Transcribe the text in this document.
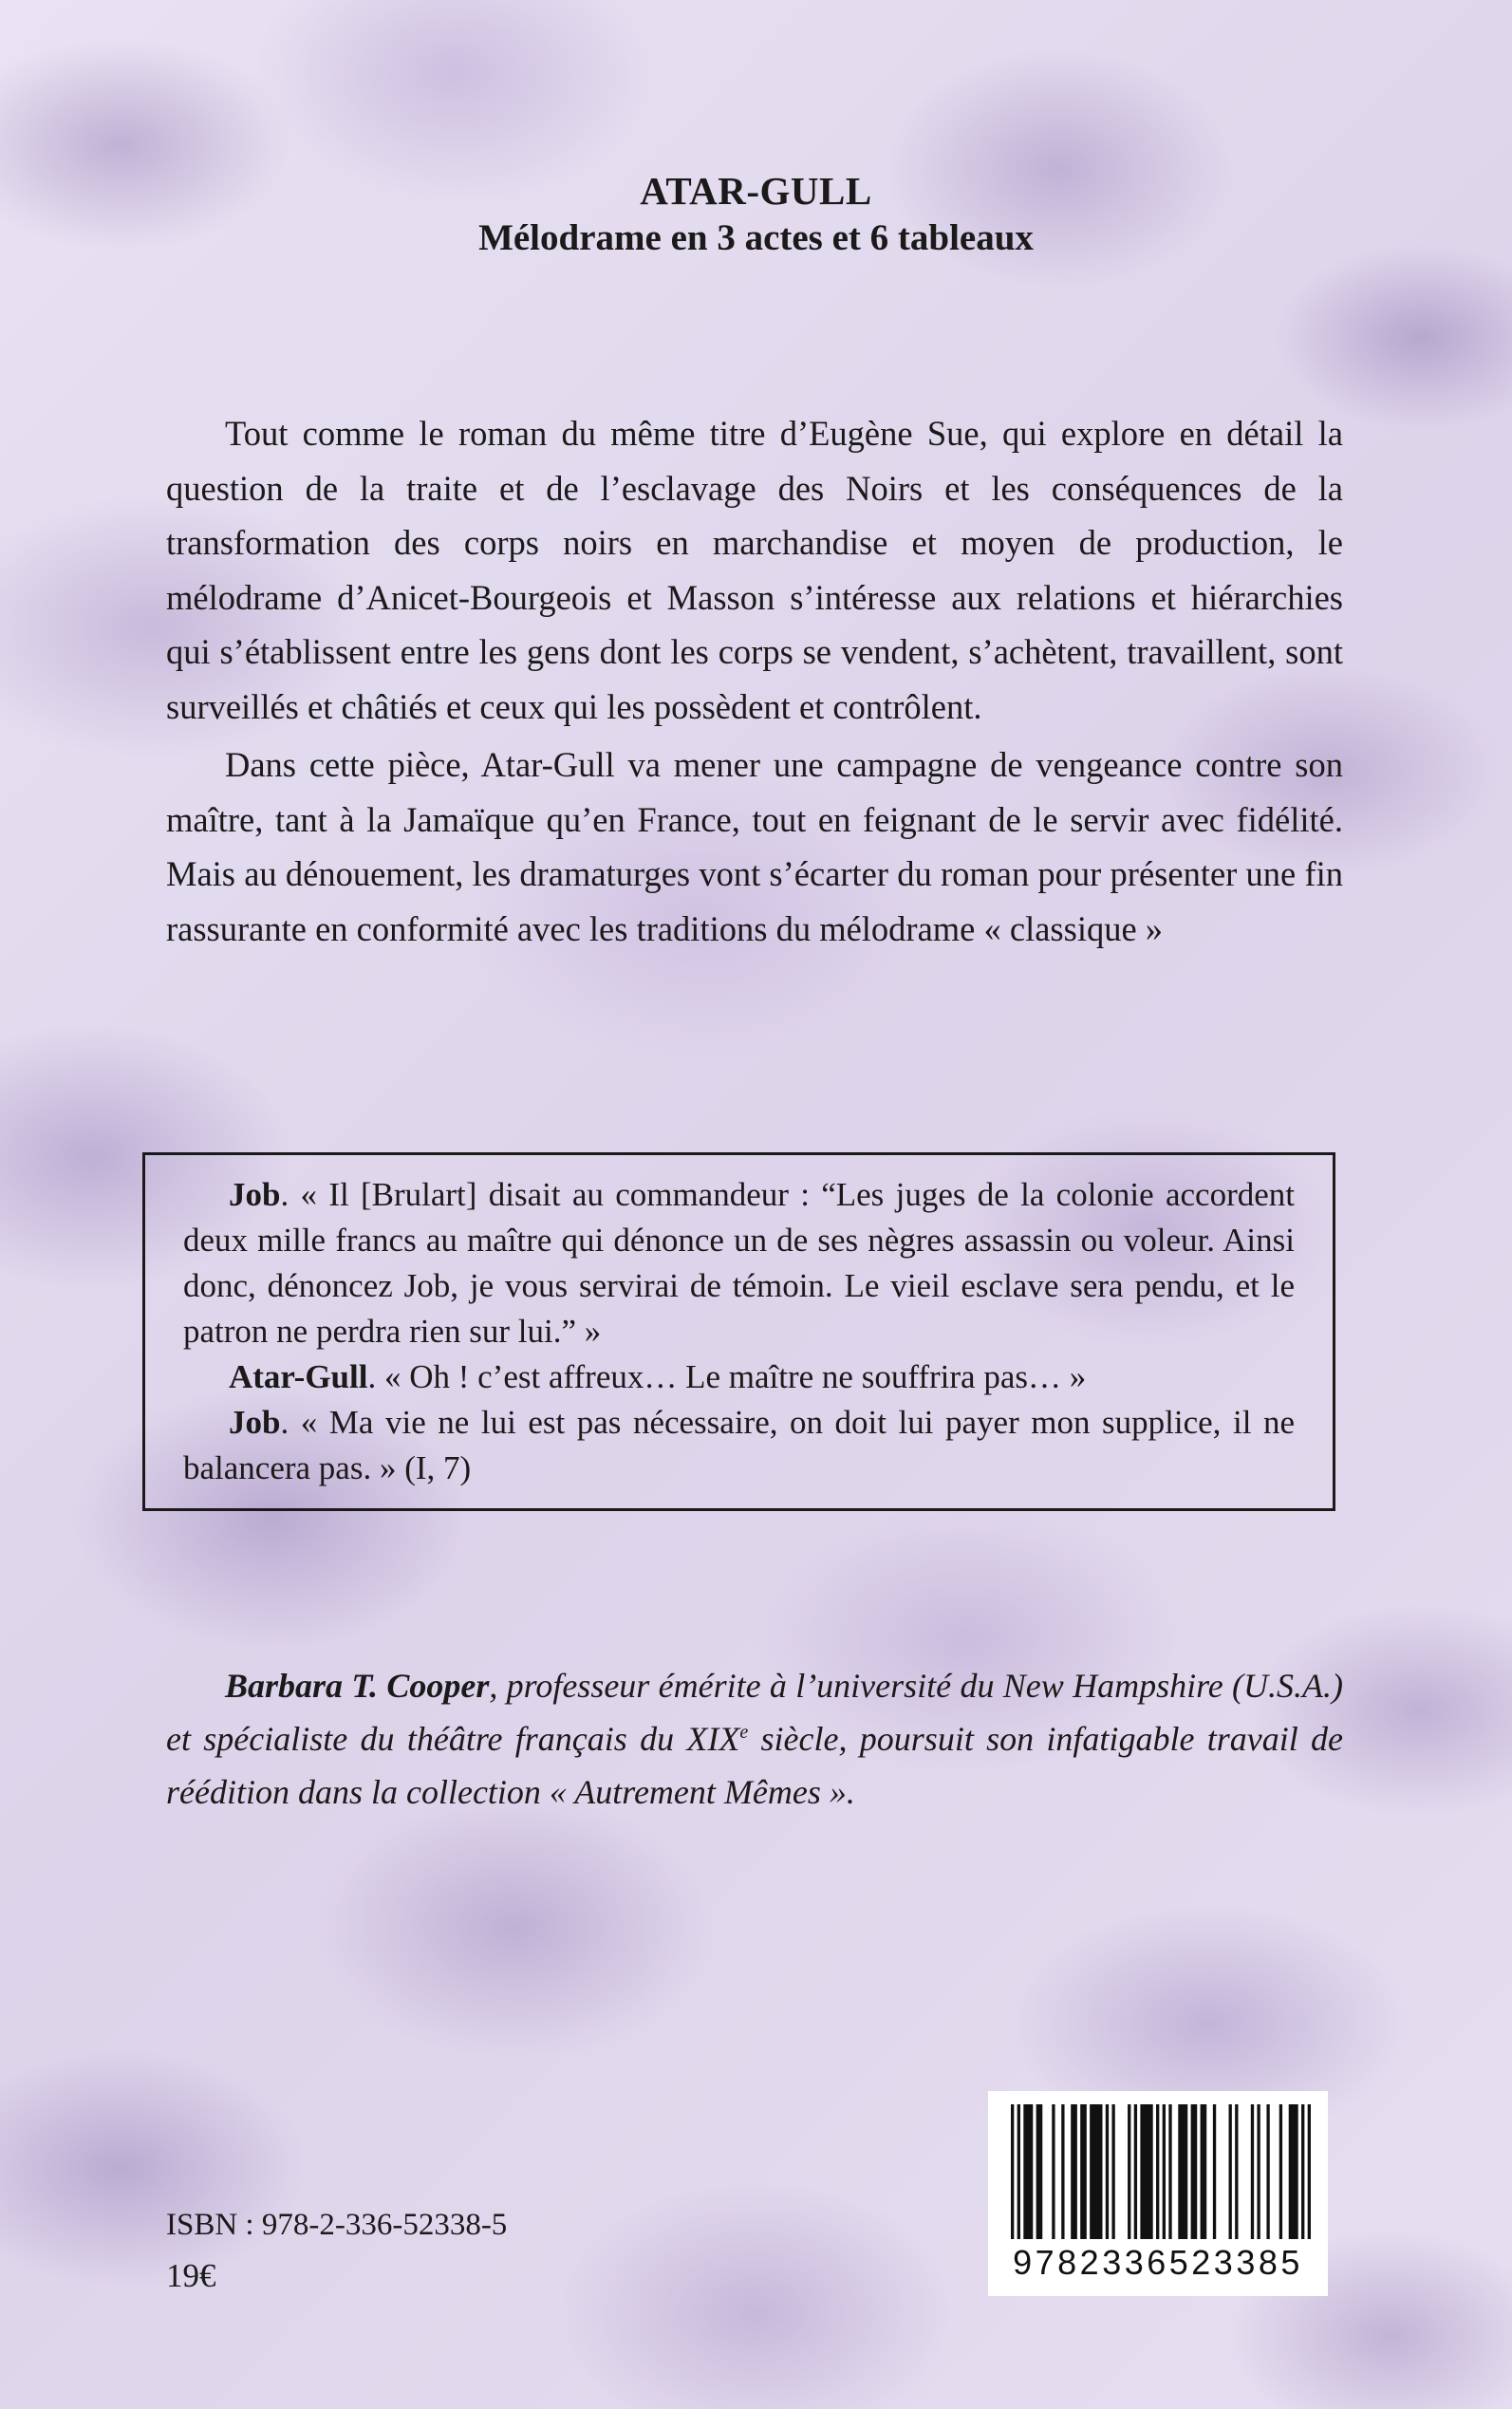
ATAR-GULL
Mélodrame en 3 actes et 6 tableaux

Tout comme le roman du même titre d’Eugène Sue, qui explore en détail la question de la traite et de l’esclavage des Noirs et les conséquences de la transformation des corps noirs en marchandise et moyen de production, le mélodrame d’Anicet-Bourgeois et Masson s’intéresse aux relations et hiérarchies qui s’établissent entre les gens dont les corps se vendent, s’achètent, travaillent, sont surveillés et châtiés et ceux qui les possèdent et contrôlent.

Dans cette pièce, Atar-Gull va mener une campagne de vengeance contre son maître, tant à la Jamaïque qu’en France, tout en feignant de le servir avec fidélité. Mais au dénouement, les dramaturges vont s’écarter du roman pour présenter une fin rassurante en conformité avec les traditions du mélodrame « classique »

Job. « Il [Brulart] disait au commandeur : “Les juges de la colonie accordent deux mille francs au maître qui dénonce un de ses nègres assassin ou voleur. Ainsi donc, dénoncez Job, je vous servirai de témoin. Le vieil esclave sera pendu, et le patron ne perdra rien sur lui.” »

Atar-Gull. « Oh ! c’est affreux… Le maître ne souffrira pas… »

Job. « Ma vie ne lui est pas nécessaire, on doit lui payer mon supplice, il ne balancera pas. » (I, 7)

Barbara T. Cooper, professeur émérite à l’université du New Hampshire (U.S.A.) et spécialiste du théâtre français du XIXe siècle, poursuit son infatigable travail de réédition dans la collection « Autrement Mêmes ».
ISBN : 978-2-336-52338-5
19€	9782336523385
